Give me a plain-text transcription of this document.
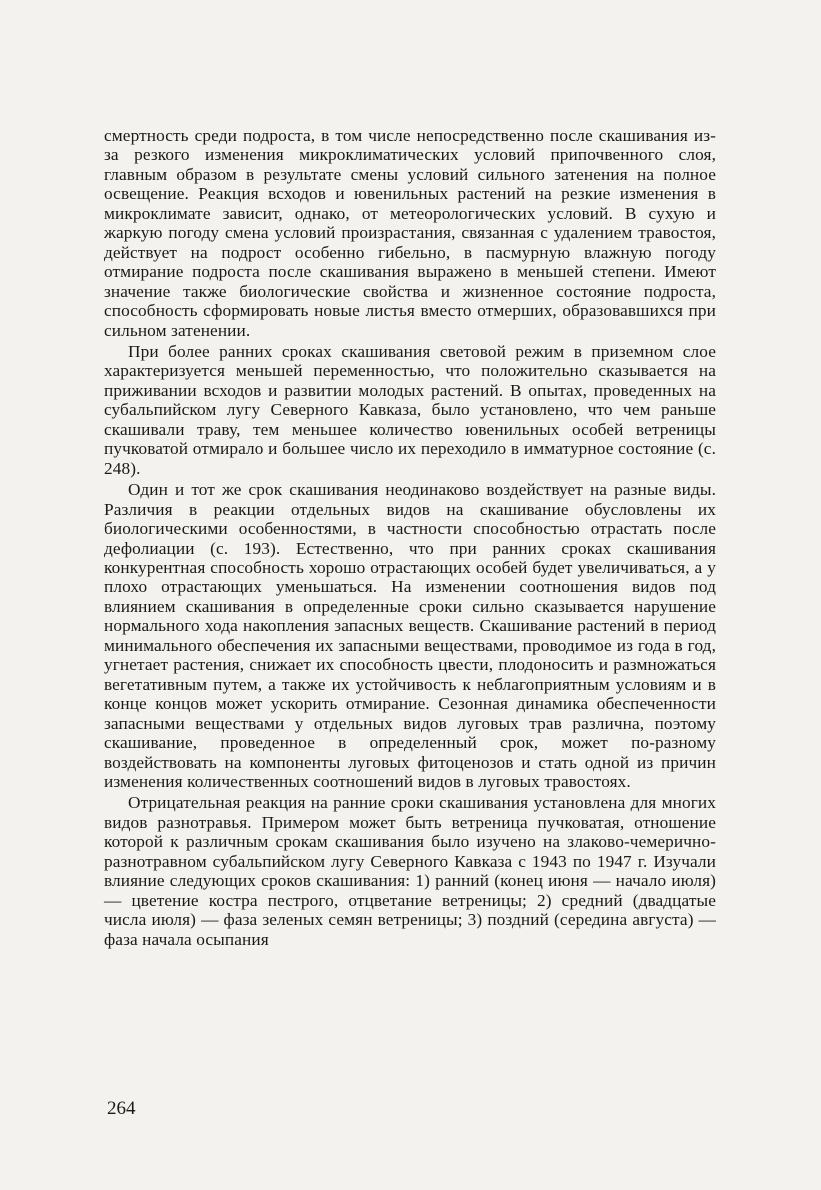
смертность среди подроста, в том числе непосредственно после скашивания из-за резкого изменения микроклиматических условий припочвенного слоя, главным образом в результате смены условий сильного затенения на полное освещение. Реакция всходов и ювенильных растений на резкие изменения в микроклимате зависит, однако, от метеорологических условий. В сухую и жаркую погоду смена условий произрастания, связанная с удалением травостоя, действует на подрост особенно гибельно, в пасмурную влажную погоду отмирание подроста после скашивания выражено в меньшей степени. Имеют значение также биологические свойства и жизненное состояние подроста, способность сформировать новые листья вместо отмерших, образовавшихся при сильном затенении.

При более ранних сроках скашивания световой режим в приземном слое характеризуется меньшей переменностью, что положительно сказывается на приживании всходов и развитии молодых растений. В опытах, проведенных на субальпийском лугу Северного Кавказа, было установлено, что чем раньше скашивали траву, тем меньшее количество ювенильных особей ветреницы пучковатой отмирало и большее число их переходило в имматурное состояние (с. 248).

Один и тот же срок скашивания неодинаково воздействует на разные виды. Различия в реакции отдельных видов на скашивание обусловлены их биологическими особенностями, в частности способностью отрастать после дефолиации (с. 193). Естественно, что при ранних сроках скашивания конкурентная способность хорошо отрастающих особей будет увеличиваться, а у плохо отрастающих уменьшаться. На изменении соотношения видов под влиянием скашивания в определенные сроки сильно сказывается нарушение нормального хода накопления запасных веществ. Скашивание растений в период минимального обеспечения их запасными веществами, проводимое из года в год, угнетает растения, снижает их способность цвести, плодоносить и размножаться вегетативным путем, а также их устойчивость к неблагоприятным условиям и в конце концов может ускорить отмирание. Сезонная динамика обеспеченности запасными веществами у отдельных видов луговых трав различна, поэтому скашивание, проведенное в определенный срок, может по-разному воздействовать на компоненты луговых фитоценозов и стать одной из причин изменения количественных соотношений видов в луговых травостоях.

Отрицательная реакция на ранние сроки скашивания установлена для многих видов разнотравья. Примером может быть ветреница пучковатая, отношение которой к различным срокам скашивания было изучено на злаково-чемерично-разнотравном субальпийском лугу Северного Кавказа с 1943 по 1947 г. Изучали влияние следующих сроков скашивания: 1) ранний (конец июня — начало июля) — цветение костра пестрого, отцветание ветреницы; 2) средний (двадцатые числа июля) — фаза зеленых семян ветреницы; 3) поздний (середина августа) — фаза начала осыпания

264
